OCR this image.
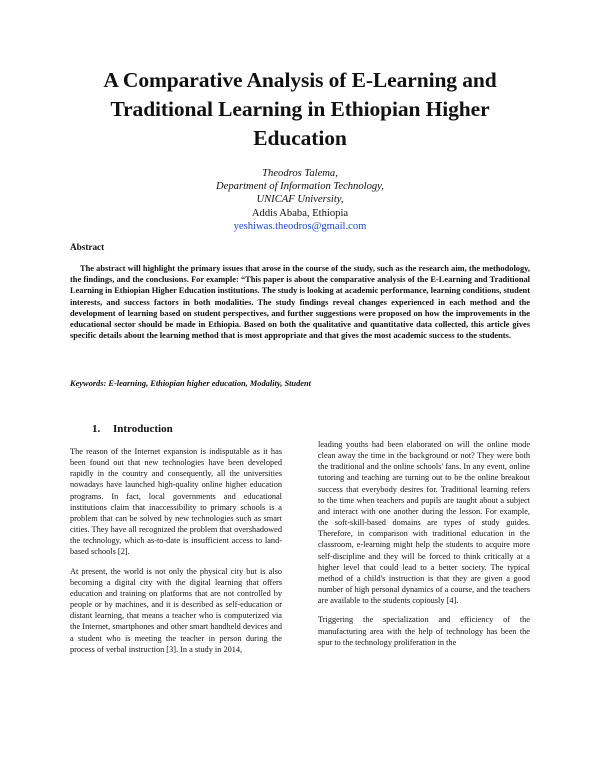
A Comparative Analysis of E-Learning and
Traditional Learning in Ethiopian Higher
Education
Theodros Talema,
Department of Information Technology,
UNICAF University,
Addis Ababa, Ethiopia
yeshiwas.theodros@gmail.com
Abstract
The abstract will highlight the primary issues that arose in the course of the study, such as the research aim, the methodology, the findings, and the conclusions. For example: “This paper is about the comparative analysis of the E-Learning and Traditional Learning in Ethiopian Higher Education institutions. The study is looking at academic performance, learning conditions, student interests, and success factors in both modalities. The study findings reveal changes experienced in each method and the development of learning based on student perspectives, and further suggestions were proposed on how the improvements in the educational sector should be made in Ethiopia. Based on both the qualitative and quantitative data collected, this article gives specific details about the learning method that is most appropriate and that gives the most academic success to the students.
Keywords: E-learning, Ethiopian higher education, Modality, Student
1. Introduction

The reason of the Internet expansion is indisputable as it has been found out that new technologies have been developed rapidly in the country and consequently, all the universities nowadays have launched high-quality online higher education programs. In fact, local governments and educational institutions claim that inaccessibility to primary schools is a problem that can be solved by new technologies such as smart cities. They have all recognized the problem that overshadowed the technology, which as-to-date is insufficient access to land-based schools [2].

At present, the world is not only the physical city but is also becoming a digital city with the digital learning that offers education and training on platforms that are not controlled by people or by machines, and it is described as self-education or distant learning, that means a teacher who is computerized via the Internet, smartphones and other smart handheld devices and a student who is meeting the teacher in person during the process of verbal instruction [3]. In a study in 2014,

leading youths had been elaborated on will the online mode clean away the time in the background or not? They were both the traditional and the online schools' fans. In any event, online tutoring and teaching are turning out to be the online breakout success that everybody desires for. Traditional learning refers to the time when teachers and pupils are taught about a subject and interact with one another during the lesson. For example, the soft-skill-based domains are types of study guides. Therefore, in comparison with traditional education in the classroom, e-learning might help the students to acquire more self-discipline and they will be forced to think critically at a higher level that could lead to a better society. The typical method of a child's instruction is that they are given a good number of high personal dynamics of a course, and the teachers are available to the students copiously [4].

Triggering the specialization and efficiency of the manufacturing area with the help of technology has been the spur to the technology proliferation in the
